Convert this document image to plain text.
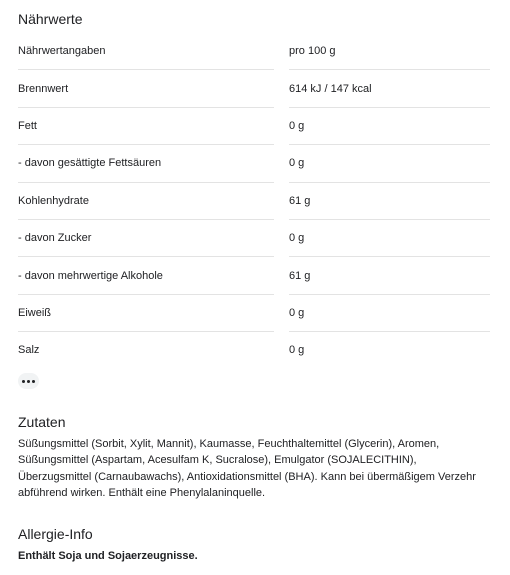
Nährwerte
Nährwertangaben	pro 100 g
Brennwert	614 kJ / 147 kcal
Fett	0 g
- davon gesättigte Fettsäuren	0 g
Kohlenhydrate	61 g
- davon Zucker	0 g
- davon mehrwertige Alkohole	61 g
Eiweiß	0 g
Salz	0 g
Zutaten

Süßungsmittel (Sorbit, Xylit, Mannit), Kaumasse, Feuchthaltemittel (Glycerin), Aromen, Süßungsmittel (Aspartam, Acesulfam K, Sucralose), Emulgator (SOJALECITHIN), Überzugsmittel (Carnaubawachs), Antioxidationsmittel (BHA). Kann bei übermäßigem Verzehr abführend wirken. Enthält eine Phenylalaninquelle.

Allergie-Info

Enthält Soja und Sojaerzeugnisse.
